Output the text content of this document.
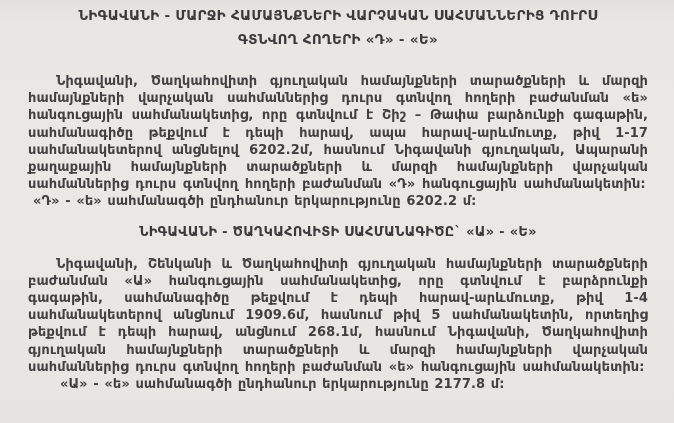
ՆԻԳԱՎԱՆԻ - ՄԱՐՋԻ ՀԱՄԱՅՆՔՆԵՐԻ ՎԱՐՉԱԿԱՆ ՍԱՀՄԱՆՆԵՐԻՑ ԴՈՒՐՍ
ԳՏՆՎՈՂ ՀՈՂԵՐԻ «Դ» - «Ե»

Նիգավանի, Ծաղկահովիտի գյուղական համայնքների տարածքների և մարզի համայնքների վարչական սահմաններից դուրս գտնվող հողերի բաժանման «ե» հանգուցային սահմանակետից, որը գտնվում է Շիշ – Թափա բարձունքի գագաթին, սահմանագիծը թեքվում է դեպի հարավ, ապա հարավ-արևմուտք, թիվ 1-17 սահմանակետերով անցնելով 6202.2մ, հասնում Նիգավանի գյուղական, Ապարանի քաղաքային համայնքների տարածքների և մարզի համայնքների վարչական սահմաններից դուրս գտնվող հողերի բաժանման «Դ» հանգուցային սահմանակետին:

«Դ» - «ե» սահմանագծի ընդհանուր երկարությունը 6202.2 մ:

ՆԻԳԱՎԱՆԻ - ԾԱՂԿԱՀՈՎԻՏԻ ՍԱՀՄԱՆԱԳԻԾԸ` «Ա» - «Ե»

Նիգավանի, Շենկանի և Ծաղկահովիտի գյուղական համայնքների տարածքների բաժանման «Ա» հանգուցային սահմանակետից, որը գտնվում է բարձրունքի գագաթին, սահմանագիծը թեքվում է դեպի հարավ-արևմուտք, թիվ 1-4 սահմանակետերով անցնում 1909.6մ, հասնում թիվ 5 սահմանակետին, որտեղից թեքվում է դեպի հարավ, անցնում 268.1մ, հասնում Նիգավանի, Ծաղկահովիտի գյուղական համայնքների տարածքների և մարզի համայնքների վարչական սահմաններից դուրս գտնվող հողերի բաժանման «ե» հանգուցային սահմանակետին:

«Ա» - «ե» սահմանագծի ընդհանուր երկարությունը 2177.8 մ:
